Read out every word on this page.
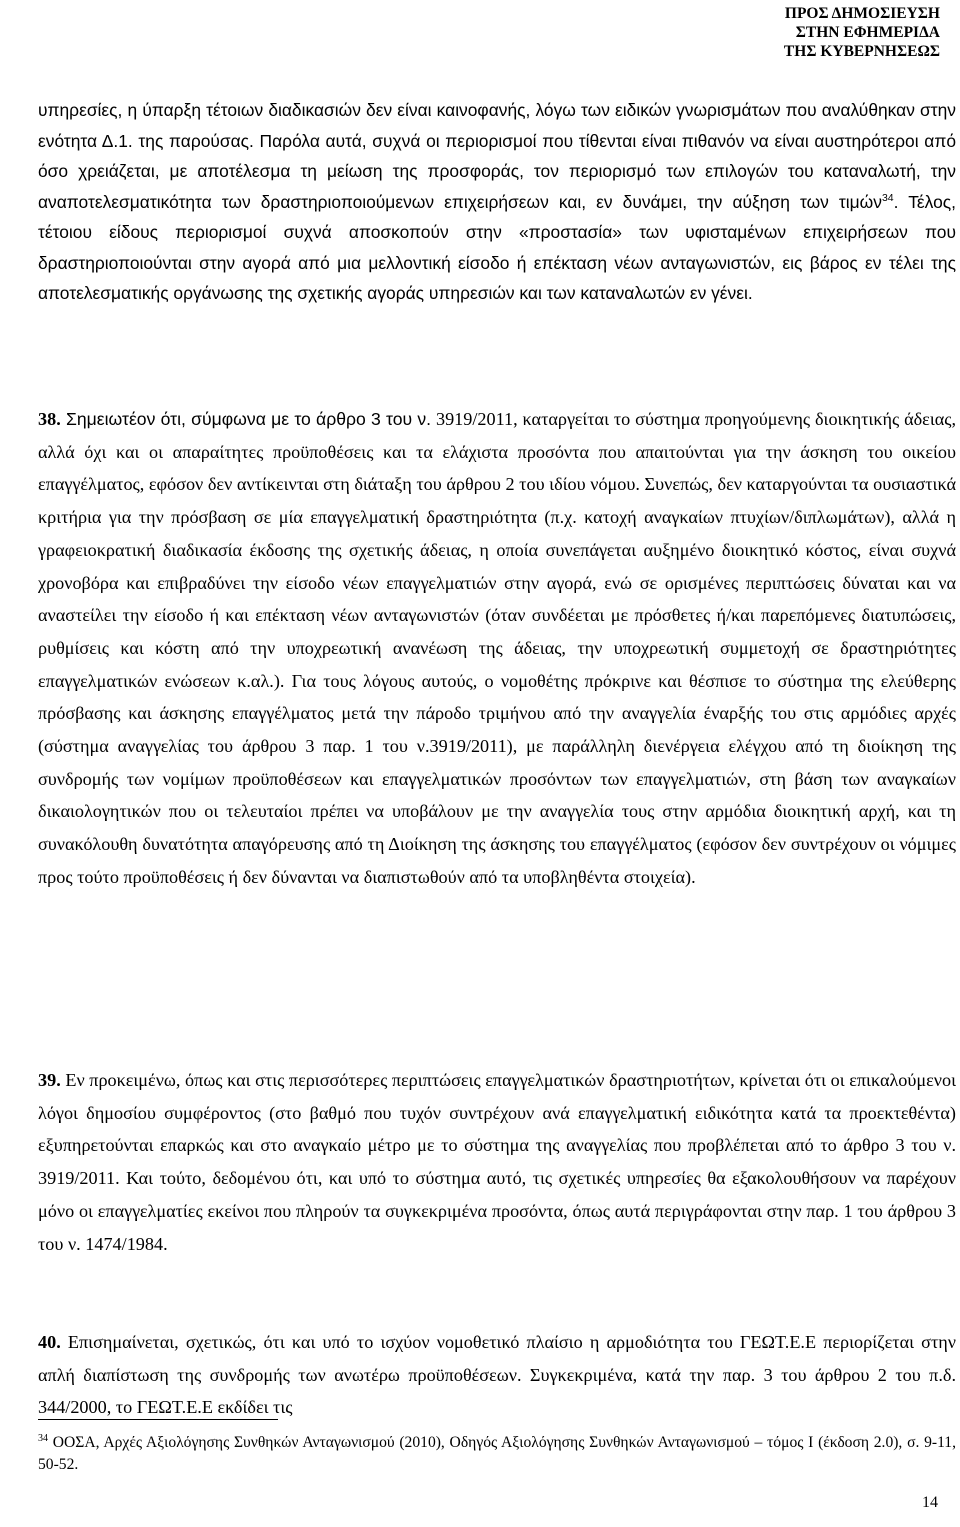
ΠΡΟΣ ΔΗΜΟΣΙΕΥΣΗ
ΣΤΗΝ ΕΦΗΜΕΡΙΔΑ
ΤΗΣ ΚΥΒΕΡΝΗΣΕΩΣ
υπηρεσίες, η ύπαρξη τέτοιων διαδικασιών δεν είναι καινοφανής, λόγω των ειδικών γνωρισμάτων που αναλύθηκαν στην ενότητα Δ.1. της παρούσας. Παρόλα αυτά, συχνά οι περιορισμοί που τίθενται είναι πιθανόν να είναι αυστηρότεροι από όσο χρειάζεται, με αποτέλεσμα τη μείωση της προσφοράς, τον περιορισμό των επιλογών του καταναλωτή, την αναποτελεσματικότητα των δραστηριοποιούμενων επιχειρήσεων και, εν δυνάμει, την αύξηση των τιμών$^{34}$. Τέλος, τέτοιου είδους περιορισμοί συχνά αποσκοπούν στην «προστασία» των υφισταμένων επιχειρήσεων που δραστηριοποιούνται στην αγορά από μια μελλοντική είσοδο ή επέκταση νέων ανταγωνιστών, εις βάρος εν τέλει της αποτελεσματικής οργάνωσης της σχετικής αγοράς υπηρεσιών και των καταναλωτών εν γένει.

38. Σημειωτέον ότι, σύμφωνα με το άρθρο 3 του ν. 3919/2011, καταργείται το σύστημα προηγούμενης διοικητικής άδειας, αλλά όχι και οι απαραίτητες προϋποθέσεις και τα ελάχιστα προσόντα που απαιτούνται για την άσκηση του οικείου επαγγέλματος, εφόσον δεν αντίκεινται στη διάταξη του άρθρου 2 του ιδίου νόμου. Συνεπώς, δεν καταργούνται τα ουσιαστικά κριτήρια για την πρόσβαση σε μία επαγγελματική δραστηριότητα (π.χ. κατοχή αναγκαίων πτυχίων/διπλωμάτων), αλλά η γραφειοκρατική διαδικασία έκδοσης της σχετικής άδειας, η οποία συνεπάγεται αυξημένο διοικητικό κόστος, είναι συχνά χρονοβόρα και επιβραδύνει την είσοδο νέων επαγγελματιών στην αγορά, ενώ σε ορισμένες περιπτώσεις δύναται και να αναστείλει την είσοδο ή και επέκταση νέων ανταγωνιστών (όταν συνδέεται με πρόσθετες ή/και παρεπόμενες διατυπώσεις, ρυθμίσεις και κόστη από την υποχρεωτική ανανέωση της άδειας, την υποχρεωτική συμμετοχή σε δραστηριότητες επαγγελματικών ενώσεων κ.αλ.). Για τους λόγους αυτούς, ο νομοθέτης πρόκρινε και θέσπισε το σύστημα της ελεύθερης πρόσβασης και άσκησης επαγγέλματος μετά την πάροδο τριμήνου από την αναγγελία έναρξής του στις αρμόδιες αρχές (σύστημα αναγγελίας του άρθρου 3 παρ. 1 του ν.3919/2011), με παράλληλη διενέργεια ελέγχου από τη διοίκηση της συνδρομής των νομίμων προϋποθέσεων και επαγγελματικών προσόντων των επαγγελματιών, στη βάση των αναγκαίων δικαιολογητικών που οι τελευταίοι πρέπει να υποβάλουν με την αναγγελία τους στην αρμόδια διοικητική αρχή, και τη συνακόλουθη δυνατότητα απαγόρευσης από τη Διοίκηση της άσκησης του επαγγέλματος (εφόσον δεν συντρέχουν οι νόμιμες προς τούτο προϋποθέσεις ή δεν δύνανται να διαπιστωθούν από τα υποβληθέντα στοιχεία).

39. Εν προκειμένω, όπως και στις περισσότερες περιπτώσεις επαγγελματικών δραστηριοτήτων, κρίνεται ότι οι επικαλούμενοι λόγοι δημοσίου συμφέροντος (στο βαθμό που τυχόν συντρέχουν ανά επαγγελματική ειδικότητα κατά τα προεκτεθέντα) εξυπηρετούνται επαρκώς και στο αναγκαίο μέτρο με το σύστημα της αναγγελίας που προβλέπεται από το άρθρο 3 του ν. 3919/2011. Και τούτο, δεδομένου ότι, και υπό το σύστημα αυτό, τις σχετικές υπηρεσίες θα εξακολουθήσουν να παρέχουν μόνο οι επαγγελματίες εκείνοι που πληρούν τα συγκεκριμένα προσόντα, όπως αυτά περιγράφονται στην παρ. 1 του άρθρου 3 του ν. 1474/1984.

40. Επισημαίνεται, σχετικώς, ότι και υπό το ισχύον νομοθετικό πλαίσιο η αρμοδιότητα του ΓΕΩΤ.Ε.Ε περιορίζεται στην απλή διαπίστωση της συνδρομής των ανωτέρω προϋποθέσεων. Συγκεκριμένα, κατά την παρ. 3 του άρθρου 2 του π.δ. 344/2000, το ΓΕΩΤ.Ε.Ε εκδίδει τις

$^{34}$ ΟΟΣΑ, Αρχές Αξιολόγησης Συνθηκών Ανταγωνισμού (2010), Οδηγός Αξιολόγησης Συνθηκών Ανταγωνισμού – τόμος Ι (έκδοση 2.0), σ. 9-11, 50-52.
14
